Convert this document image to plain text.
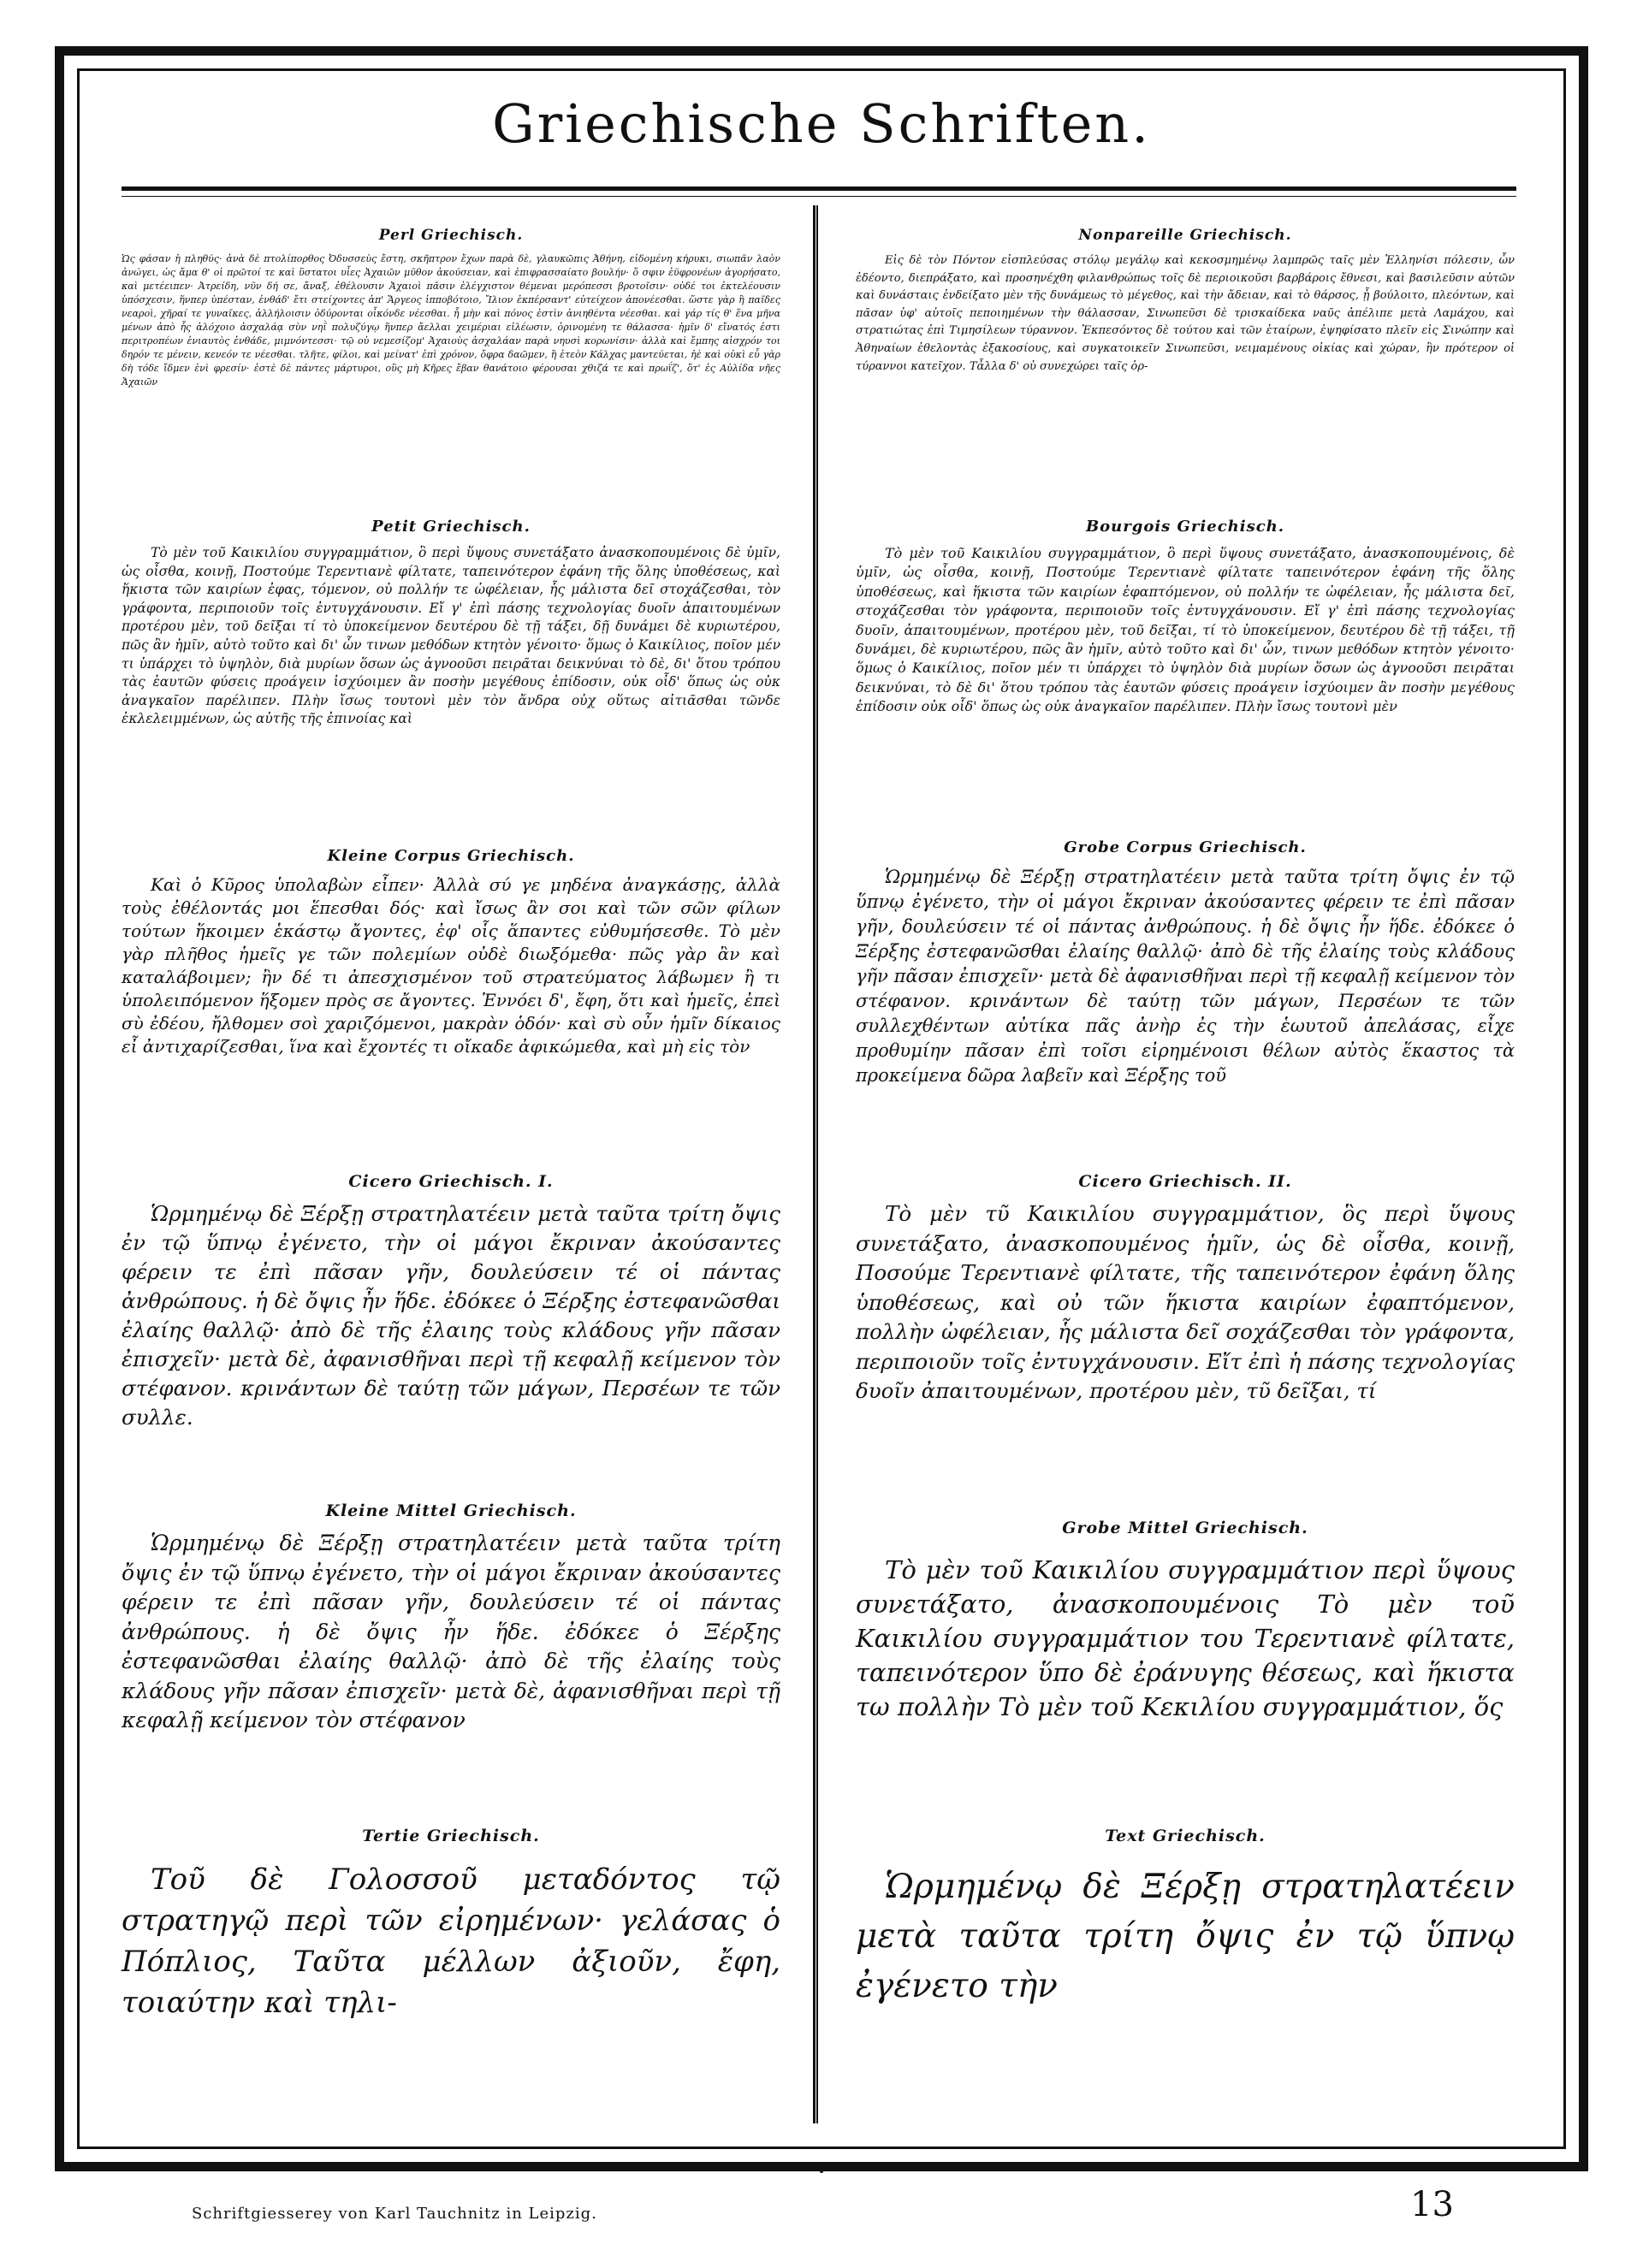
Griechische Schriften.
Perl Griechisch.
Ὡς φάσαν ἡ πληθύς· ἀνὰ δὲ πτολίπορθος Ὀδυσσεὺς ἔστη, σκῆπτρον ἔχων παρὰ δὲ, γλαυκῶπις Ἀθήνη, εἰδομένη κήρυκι, σιωπᾶν λαὸν ἀνώγει, ὡς ἅμα θ' οἱ πρῶτοί τε καὶ ὕστατοι υἷες Ἀχαιῶν μῦθον ἀκούσειαν, καὶ ἐπιφρασσαίατο βουλήν· ὅ σφιν ἐϋφρονέων ἀγορήσατο, καὶ μετέειπεν· Ἀτρείδη, νῦν δή σε, ἄναξ, ἐθέλουσιν Ἀχαιοὶ πᾶσιν ἐλέγχιστον θέμεναι μερόπεσσι βροτοῖσιν· οὐδέ τοι ἐκτελέουσιν ὑπόσχεσιν, ἥνπερ ὑπέσταν, ἐνθάδ' ἔτι στείχοντες ἀπ' Ἄργεος ἱπποβότοιο, Ἴλιον ἐκπέρσαντ' εὐτείχεον ἀπονέεσθαι. ὥστε γὰρ ἢ παῖδες νεαροὶ, χῆραί τε γυναῖκες, ἀλλήλοισιν ὀδύρονται οἶκόνδε νέεσθαι. ἦ μὴν καὶ πόνος ἐστὶν ἀνιηθέντα νέεσθαι. καὶ γάρ τίς θ' ἕνα μῆνα μένων ἀπὸ ἧς ἀλόχοιο ἀσχαλάᾳ σὺν νηῒ πολυζύγῳ ἥνπερ ἄελλαι χειμέριαι εἰλέωσιν, ὀρινομένη τε θάλασσα· ἡμῖν δ' εἴνατός ἐστι περιτροπέων ἐνιαυτὸς ἐνθάδε, μιμνόντεσσι· τῷ οὐ νεμεσίζομ' Ἀχαιοὺς ἀσχαλάαν παρὰ νηυσὶ κορωνίσιν· ἀλλὰ καὶ ἔμπης αἰσχρόν τοι δηρόν τε μένειν, κενεόν τε νέεσθαι. τλῆτε, φίλοι, καὶ μείνατ' ἐπὶ χρόνον, ὄφρα δαῶμεν, ἢ ἐτεὸν Κάλχας μαντεύεται, ἠὲ καὶ οὐκὶ εὖ γὰρ δὴ τόδε ἴδμεν ἐνὶ φρεσίν· ἐστὲ δὲ πάντες μάρτυροι, οὓς μὴ Κῆρες ἔβαν θανάτοιο φέρουσαι χθιζά τε καὶ πρωΐζ', ὅτ' ἐς Αὐλίδα νῆες Ἀχαιῶν
Petit Griechisch.
Τὸ μὲν τοῦ Καικιλίου συγγραμμάτιον, ὃ περὶ ὕψους συνετάξατο ἀνασκοπουμένοις δὲ ὑμῖν, ὡς οἶσθα, κοινῇ, Ποστούμε Τερεντιανὲ φίλτατε, ταπεινότερον ἐφάνη τῆς ὅλης ὑποθέσεως, καὶ ἥκιστα τῶν καιρίων ἐφας, τόμενον, οὐ πολλήν τε ὠφέλειαν, ἧς μάλιστα δεῖ στοχάζεσθαι, τὸν γράφοντα, περιποιοῦν τοῖς ἐντυγχάνουσιν. Εἴ γ' ἐπὶ πάσης τεχνολογίας δυοῖν ἀπαιτουμένων προτέρου μὲν, τοῦ δεῖξαι τί τὸ ὑποκείμενον δευτέρου δὲ τῇ τάξει, δῇ δυνάμει δὲ κυριωτέρου, πῶς ἂν ἡμῖν, αὐτὸ τοῦτο καὶ δι' ὧν τινων μεθόδων κτητὸν γένοιτο· ὅμως ὁ Καικίλιος, ποῖον μέν τι ὑπάρχει τὸ ὑψηλὸν, διὰ μυρίων ὅσων ὡς ἀγνοοῦσι πειρᾶται δεικνύναι τὸ δὲ, δι' ὅτου τρόπου τὰς ἑαυτῶν φύσεις προάγειν ἰσχύοιμεν ἂν ποσὴν μεγέθους ἐπίδοσιν, οὐκ οἶδ' ὅπως ὡς οὐκ ἀναγκαῖον παρέλιπεν. Πλὴν ἴσως τουτονὶ μὲν τὸν ἄνδρα οὐχ οὕτως αἰτιᾶσθαι τῶνδε ἐκλελειμμένων, ὡς αὐτῆς τῆς ἐπινοίας καὶ
Kleine Corpus Griechisch.
Καὶ ὁ Κῦρος ὑπολαβὼν εἶπεν· Ἀλλὰ σύ γε μηδένα ἀναγκάσῃς, ἀλλὰ τοὺς ἐθέλοντάς μοι ἕπεσθαι δός· καὶ ἴσως ἂν σοι καὶ τῶν σῶν φίλων τούτων ἥκοιμεν ἑκάστῳ ἄγοντες, ἐφ' οἷς ἅπαντες εὐθυμήσεσθε. Τὸ μὲν γὰρ πλῆθος ἡμεῖς γε τῶν πολεμίων οὐδὲ διωξόμεθα· πῶς γὰρ ἂν καὶ καταλάβοιμεν; ἢν δέ τι ἀπεσχισμένον τοῦ στρατεύματος λάβωμεν ἢ τι ὑπολειπόμενον ἥξομεν πρὸς σε ἄγοντες. Ἐννόει δ', ἔφη, ὅτι καὶ ἡμεῖς, ἐπεὶ σὺ ἐδέου, ἤλθομεν σοὶ χαριζόμενοι, μακρὰν ὁδόν· καὶ σὺ οὖν ἡμῖν δίκαιος εἶ ἀντιχαρίζεσθαι, ἵνα καὶ ἔχοντές τι οἴκαδε ἀφικώμεθα, καὶ μὴ εἰς τὸν
Cicero Griechisch. I.
Ὡρμημένῳ δὲ Ξέρξῃ στρατηλατέειν μετὰ ταῦτα τρίτη ὄψις ἐν τῷ ὕπνῳ ἐγένετο, τὴν οἱ μάγοι ἔκριναν ἀκούσαντες φέρειν τε ἐπὶ πᾶσαν γῆν, δουλεύσειν τέ οἱ πάντας ἀνθρώπους. ἡ δὲ ὄψις ἦν ἥδε. ἐδόκεε ὁ Ξέρξης ἐστεφανῶσθαι ἐλαίης θαλλῷ· ἀπὸ δὲ τῆς ἐλαιης τοὺς κλάδους γῆν πᾶσαν ἐπισχεῖν· μετὰ δὲ, ἀφανισθῆναι περὶ τῇ κεφαλῇ κείμενον τὸν στέφανον. κρινάντων δὲ ταύτῃ τῶν μάγων, Περσέων τε τῶν συλλε.
Kleine Mittel Griechisch.
Ὡρμημένῳ δὲ Ξέρξῃ στρατηλατέειν μετὰ ταῦτα τρίτη ὄψις ἐν τῷ ὕπνῳ ἐγένετο, τὴν οἱ μάγοι ἔκριναν ἀκούσαντες φέρειν τε ἐπὶ πᾶσαν γῆν, δουλεύσειν τέ οἱ πάντας ἀνθρώπους. ἡ δὲ ὄψις ἦν ἥδε. ἐδόκεε ὁ Ξέρξης ἐστεφανῶσθαι ἐλαίης θαλλῷ· ἀπὸ δὲ τῆς ἐλαίης τοὺς κλάδους γῆν πᾶσαν ἐπισχεῖν· μετὰ δὲ, ἀφανισθῆναι περὶ τῇ κεφαλῇ κείμενον τὸν στέφανον
Tertie Griechisch.
Τοῦ δὲ Γολοσσοῦ μεταδόντος τῷ στρατηγῷ περὶ τῶν εἰρημένων· γελάσας ὁ Πόπλιος, Ταῦτα μέλλων ἀξιοῦν, ἔφη, τοιαύτην καὶ τηλι-
Nonpareille Griechisch.
Εἰς δὲ τὸν Πόντον εἰσπλεύσας στόλῳ μεγάλῳ καὶ κεκοσμημένῳ λαμπρῶς ταῖς μὲν Ἑλληνίσι πόλεσιν, ὧν ἐδέοντο, διεπράξατο, καὶ προσηνέχθη φιλανθρώπως τοῖς δὲ περιοικοῦσι βαρβάροις ἔθνεσι, καὶ βασιλεῦσιν αὐτῶν καὶ δυνάσταις ἐνδείξατο μὲν τῆς δυνάμεως τὸ μέγεθος, καὶ τὴν ἄδειαν, καὶ τὸ θάρσος, ᾗ βούλοιτο, πλεόντων, καὶ πᾶσαν ὑφ' αὑτοῖς πεποιημένων τὴν θάλασσαν, Σινωπεῦσι δὲ τρισκαίδεκα ναῦς ἀπέλιπε μετὰ Λαμάχου, καὶ στρατιώτας ἐπὶ Τιμησίλεων τύραννον. Ἐκπεσόντος δὲ τούτου καὶ τῶν ἑταίρων, ἐψηφίσατο πλεῖν εἰς Σινώπην καὶ Ἀθηναίων ἐθελοντὰς ἑξακοσίους, καὶ συγκατοικεῖν Σινωπεῦσι, νειμαμένους οἰκίας καὶ χώραν, ἣν πρότερον οἱ τύραννοι κατεῖχον. Τἆλλα δ' οὐ συνεχώρει ταῖς ὁρ-
Bourgois Griechisch.
Τὸ μὲν τοῦ Καικιλίου συγγραμμάτιον, ὃ περὶ ὕψους συνετάξατο, ἀνασκοπουμένοις, δὲ ὑμῖν, ὡς οἶσθα, κοινῇ, Ποστούμε Τερεντιανὲ φίλτατε ταπεινότερον ἐφάνη τῆς ὅλης ὑποθέσεως, καὶ ἥκιστα τῶν καιρίων ἐφαπτόμενον, οὐ πολλήν τε ὠφέλειαν, ἧς μάλιστα δεῖ, στοχάζεσθαι τὸν γράφοντα, περιποιοῦν τοῖς ἐντυγχάνουσιν. Εἴ γ' ἐπὶ πάσης τεχνολογίας δυοῖν, ἀπαιτουμένων, προτέρου μὲν, τοῦ δεῖξαι, τί τὸ ὑποκείμενον, δευτέρου δὲ τῇ τάξει, τῇ δυνάμει, δὲ κυριωτέρου, πῶς ἂν ἡμῖν, αὐτὸ τοῦτο καὶ δι' ὧν, τινων μεθόδων κτητὸν γένοιτο· ὅμως ὁ Καικίλιος, ποῖον μέν τι ὑπάρχει τὸ ὑψηλὸν διὰ μυρίων ὅσων ὡς ἀγνοοῦσι πειρᾶται δεικνύναι, τὸ δὲ δι' ὅτου τρόπου τὰς ἑαυτῶν φύσεις προάγειν ἰσχύοιμεν ἂν ποσὴν μεγέθους ἐπίδοσιν οὐκ οἶδ' ὅπως ὡς οὐκ ἀναγκαῖον παρέλιπεν. Πλὴν ἴσως τουτονὶ μὲν
Grobe Corpus Griechisch.
Ὡρμημένῳ δὲ Ξέρξῃ στρατηλατέειν μετὰ ταῦτα τρίτη ὄψις ἐν τῷ ὕπνῳ ἐγένετο, τὴν οἱ μάγοι ἔκριναν ἀκούσαντες φέρειν τε ἐπὶ πᾶσαν γῆν, δουλεύσειν τέ οἱ πάντας ἀνθρώπους. ἡ δὲ ὄψις ἦν ἥδε. ἐδόκεε ὁ Ξέρξης ἐστεφανῶσθαι ἐλαίης θαλλῷ· ἀπὸ δὲ τῆς ἐλαίης τοὺς κλάδους γῆν πᾶσαν ἐπισχεῖν· μετὰ δὲ ἀφανισθῆναι περὶ τῇ κεφαλῇ κείμενον τὸν στέφανον. κρινάντων δὲ ταύτῃ τῶν μάγων, Περσέων τε τῶν συλλεχθέντων αὐτίκα πᾶς ἀνὴρ ἐς τὴν ἑωυτοῦ ἀπελάσας, εἶχε προθυμίην πᾶσαν ἐπὶ τοῖσι εἰρημένοισι θέλων αὐτὸς ἕκαστος τὰ προκείμενα δῶρα λαβεῖν καὶ Ξέρξης τοῦ
Cicero Griechisch. II.
Τὸ μὲν τῦ Καικιλίου συγγραμμάτιον, ὃς περὶ ὕψους συνετάξατο, ἀνασκοπουμένος ἡμῖν, ὡς δὲ οἶσθα, κοινῇ, Ποσούμε Τερεντιανὲ φίλτατε, τῆς ταπεινότερον ἐφάνη ὅλης ὑποθέσεως, καὶ οὐ τῶν ἥκιστα καιρίων ἐφαπτόμενον, πολλὴν ὠφέλειαν, ἧς μάλιστα δεῖ σοχάζεσθαι τὸν γράφοντα, περιποιοῦν τοῖς ἐντυγχάνουσιν. Εἴτ ἐπὶ ἡ πάσης τεχνολογίας δυοῖν ἀπαιτουμένων, προτέρου μὲν, τῦ δεῖξαι, τί
Grobe Mittel Griechisch.
Τὸ μὲν τοῦ Καικιλίου συγγραμμάτιον περὶ ὕψους συνετάξατο, ἀνασκοπουμένοις Τὸ μὲν τοῦ Καικιλίου συγγραμμάτιον του Τερεντιανὲ φίλτατε, ταπεινότερον ὕπο δὲ ἐράνυγης θέσεως, καὶ ἥκιστα τω πολλὴν Τὸ μὲν τοῦ Κεκιλίου συγγραμμάτιον, ὅς
Text Griechisch.
Ὡρμημένῳ δὲ Ξέρξῃ στρατηλατέειν μετὰ ταῦτα τρίτη ὄψις ἐν τῷ ὕπνῳ ἐγένετο τὴν
Schriftgiesserey von Karl Tauchnitz in Leipzig.	13
